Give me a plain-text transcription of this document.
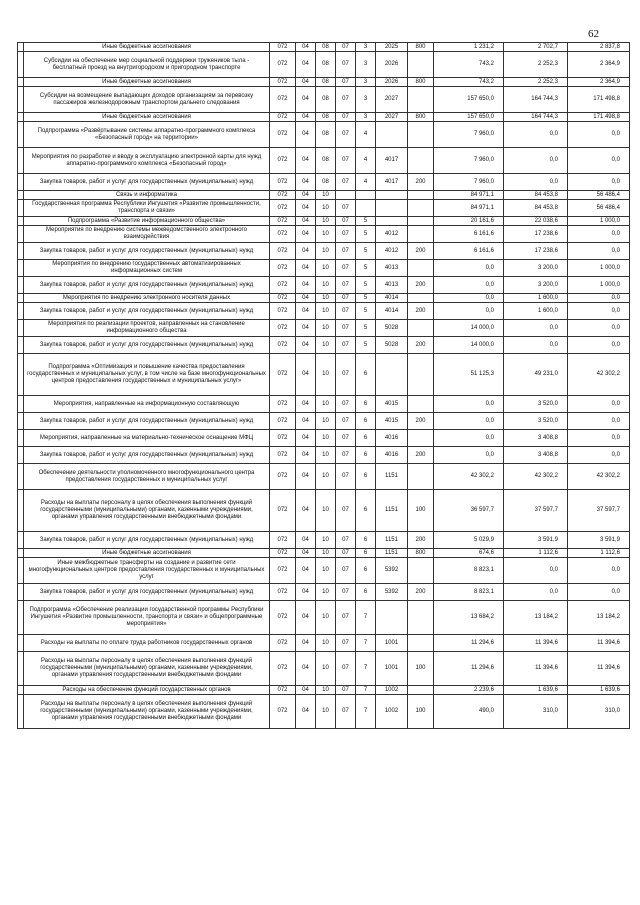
62
	Иные бюджетные ассигнования	072	04	08	07	3	2025	800	1 231,2	2 702,7	2 837,8
	Субсидии на обеспечение мер социальной поддержки тружеников тыла - бесплатный проезд на внутригородском и пригородном транспорте	072	04	08	07	3	2026		743,2	2 252,3	2 364,9
	Иные бюджетные ассигнования	072	04	08	07	3	2026	800	743,2	2 252,3	2 364,9
	Субсидии на возмещение выпадающих доходов организациям за перевозку пассажиров железнодорожным транспортом дальнего следования	072	04	08	07	3	2027		157 650,0	164 744,3	171 498,8
	Иные бюджетные ассигнования	072	04	08	07	3	2027	800	157 650,0	164 744,3	171 498,8
	Подпрограмма «Развёртывание системы аппаратно-программного комплекса «Безопасный город» на территории»	072	04	08	07	4			7 960,0	0,0	0,0
	Мероприятия по разработке и вводу в эксплуатацию электронной карты для нужд аппаратно-программного комплекса «Безопасный город»	072	04	08	07	4	4017		7 960,0	0,0	0,0
	Закупка товаров, работ и услуг для государственных (муниципальных) нужд	072	04	08	07	4	4017	200	7 960,0	0,0	0,0
	Связь и информатика	072	04	10					84 971,1	84 453,8	56 486,4
	Государственная программа Республики Ингушетия «Развитие промышленности, транспорта и связи»	072	04	10	07				84 971,1	84 453,8	56 486,4
	Подпрограмма «Развитие информационного общества»	072	04	10	07	5			20 161,6	22 038,6	1 000,0
	Мероприятия по внедрению системы межведомственного электронного взаимодействия	072	04	10	07	5	4012		6 161,6	17 238,6	0,0
	Закупка товаров, работ и услуг для государственных (муниципальных) нужд	072	04	10	07	5	4012	200	6 161,6	17 238,6	0,0
	Мероприятия по внедрению государственных автоматизированных информационных систем	072	04	10	07	5	4013		0,0	3 200,0	1 000,0
	Закупка товаров, работ и услуг для государственных (муниципальных) нужд	072	04	10	07	5	4013	200	0,0	3 200,0	1 000,0
	Мероприятия по внедрению электронного носителя данных	072	04	10	07	5	4014		0,0	1 600,0	0,0
	Закупка товаров, работ и услуг для государственных (муниципальных) нужд	072	04	10	07	5	4014	200	0,0	1 600,0	0,0
	Мероприятия по реализации проектов, направленных на становление информационного общества	072	04	10	07	5	5028		14 000,0	0,0	0,0
	Закупка товаров, работ и услуг для государственных (муниципальных) нужд	072	04	10	07	5	5028	200	14 000,0	0,0	0,0
	Подпрограмма «Оптимизация и повышение качества предоставления государственных и муниципальных услуг, в том числе на базе многофункциональных центров предоставления государственных и муниципальных услуг»	072	04	10	07	6			51 125,3	49 231,0	42 302,2
	Мероприятия, направленные на информационную составляющую	072	04	10	07	6	4015		0,0	3 520,0	0,0
	Закупка товаров, работ и услуг для государственных (муниципальных) нужд	072	04	10	07	6	4015	200	0,0	3 520,0	0,0
	Мероприятия, направленные на материально-техническое оснащение МФЦ	072	04	10	07	6	4016		0,0	3 408,8	0,0
	Закупка товаров, работ и услуг для государственных (муниципальных) нужд	072	04	10	07	6	4016	200	0,0	3 408,8	0,0
	Обеспечение деятельности уполномоченного многофункционального центра предоставления государственных и муниципальных услуг	072	04	10	07	6	1151		42 302,2	42 302,2	42 302,2
	Расходы на выплаты персоналу в целях обеспечения выполнения функций государственными (муниципальными) органами, казенными учреждениями, органами управления государственными внебюджетными фондами	072	04	10	07	6	1151	100	36 597,7	37 597,7	37 597,7
	Закупка товаров, работ и услуг для государственных (муниципальных) нужд	072	04	10	07	6	1151	200	5 029,9	3 591,9	3 591,9
	Иные бюджетные ассигнования	072	04	10	07	6	1151	800	674,6	1 112,6	1 112,6
	Иные межбюджетные трансферты на создание и развитие сети многофункциональных центров предоставления государственных и муниципальных услуг	072	04	10	07	6	5392		8 823,1	0,0	0,0
	Закупка товаров, работ и услуг для государственных (муниципальных) нужд	072	04	10	07	6	5392	200	8 823,1	0,0	0,0
	Подпрограмма «Обеспечение реализации государственной программы Республики Ингушетия «Развитие промышленности, транспорта и связи» и общепрограммные мероприятия»	072	04	10	07	7			13 684,2	13 184,2	13 184,2
	Расходы на выплаты по оплате труда работников государственных органов	072	04	10	07	7	1001		11 294,6	11 394,6	11 394,6
	Расходы на выплаты персоналу в целях обеспечения выполнения функций государственными (муниципальными) органами, казенными учреждениями, органами управления государственными внебюджетными фондами	072	04	10	07	7	1001	100	11 294,6	11 394,6	11 394,6
	Расходы на обеспечение функций государственных органов	072	04	10	07	7	1002		2 239,6	1 639,6	1 639,6
	Расходы на выплаты персоналу в целях обеспечения выполнения функций государственными (муниципальными) органами, казенными учреждениями, органами управления государственными внебюджетными фондами	072	04	10	07	7	1002	100	490,0	310,0	310,0
